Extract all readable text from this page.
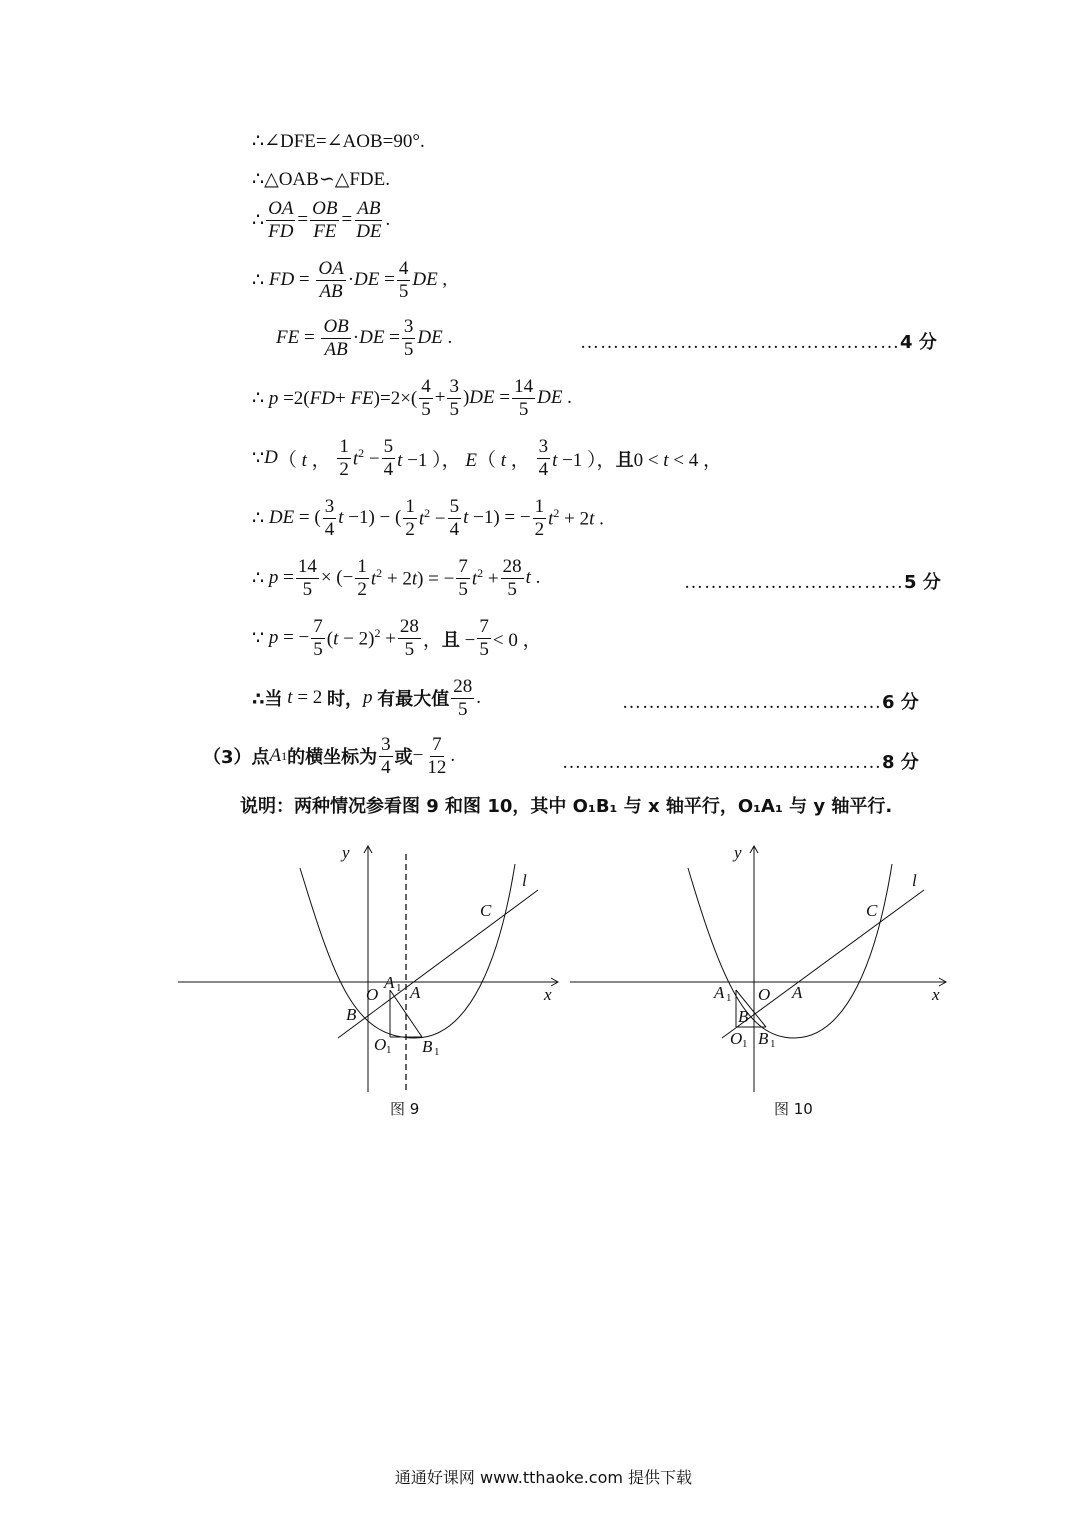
∴∠DFE=∠AOB=90°.
∴△OAB∽△FDE.
∴ $\frac{OA}{FD} = \frac{OB}{FE} = \frac{AB}{DE}$ .
∴ FD = $\frac{OA}{AB} \cdot DE = \frac{4}{5}$ DE ,
FE = $\frac{OB}{AB} \cdot DE = \frac{3}{5}$ DE .	…………………………………………4 分
∴ $p =2(FD+ FE)=2\times( \frac{4}{5} + \frac{3}{5} )DE = \frac{14}{5}$ DE .
∵ D （ t ， $\frac{1}{2} t^2 - \frac{5}{4}$ t −1 ）， E（ t ， $\frac{3}{4}$ t −1 ），且0 < t < 4 ，
∴ DE = ( $\frac{3}{4}$ t −1) − ( $\frac{1}{2} t^2 - \frac{5}{4}$ t −1) = − $\frac{1}{2} t^2 + 2t$ .
∴ $p = \frac{14}{5}$ × (− $\frac{1}{2} t^2 + 2t$) = − $\frac{7}{5} t^2 + \frac{28}{5}$ t .	……………………………5 分
∵ p = − $\frac{7}{5} (t - 2)^2 + \frac{28}{5}$ ，且 − $\frac{7}{5} < 0$ ，
∴当 t = 2 时， p 有最大值 $\frac{28}{5}$ .	…………………………………6 分
（3）点 A 1 的横坐标为 $\frac{3}{4}$ 或 − $\frac{7}{12}$ .	…………………………………………8 分
说明：两种情况参看图 9 和图 10，其中 O₁B₁ 与 x 轴平行，O₁A₁ 与 y 轴平行.
y
x
l
C
O A
A 1
B
O 1 B 1
图 9
y
x
l
C
O A
A 1
B
O 1 B 1
图 10
通通好课网 www.tthaoke.com 提供下载
